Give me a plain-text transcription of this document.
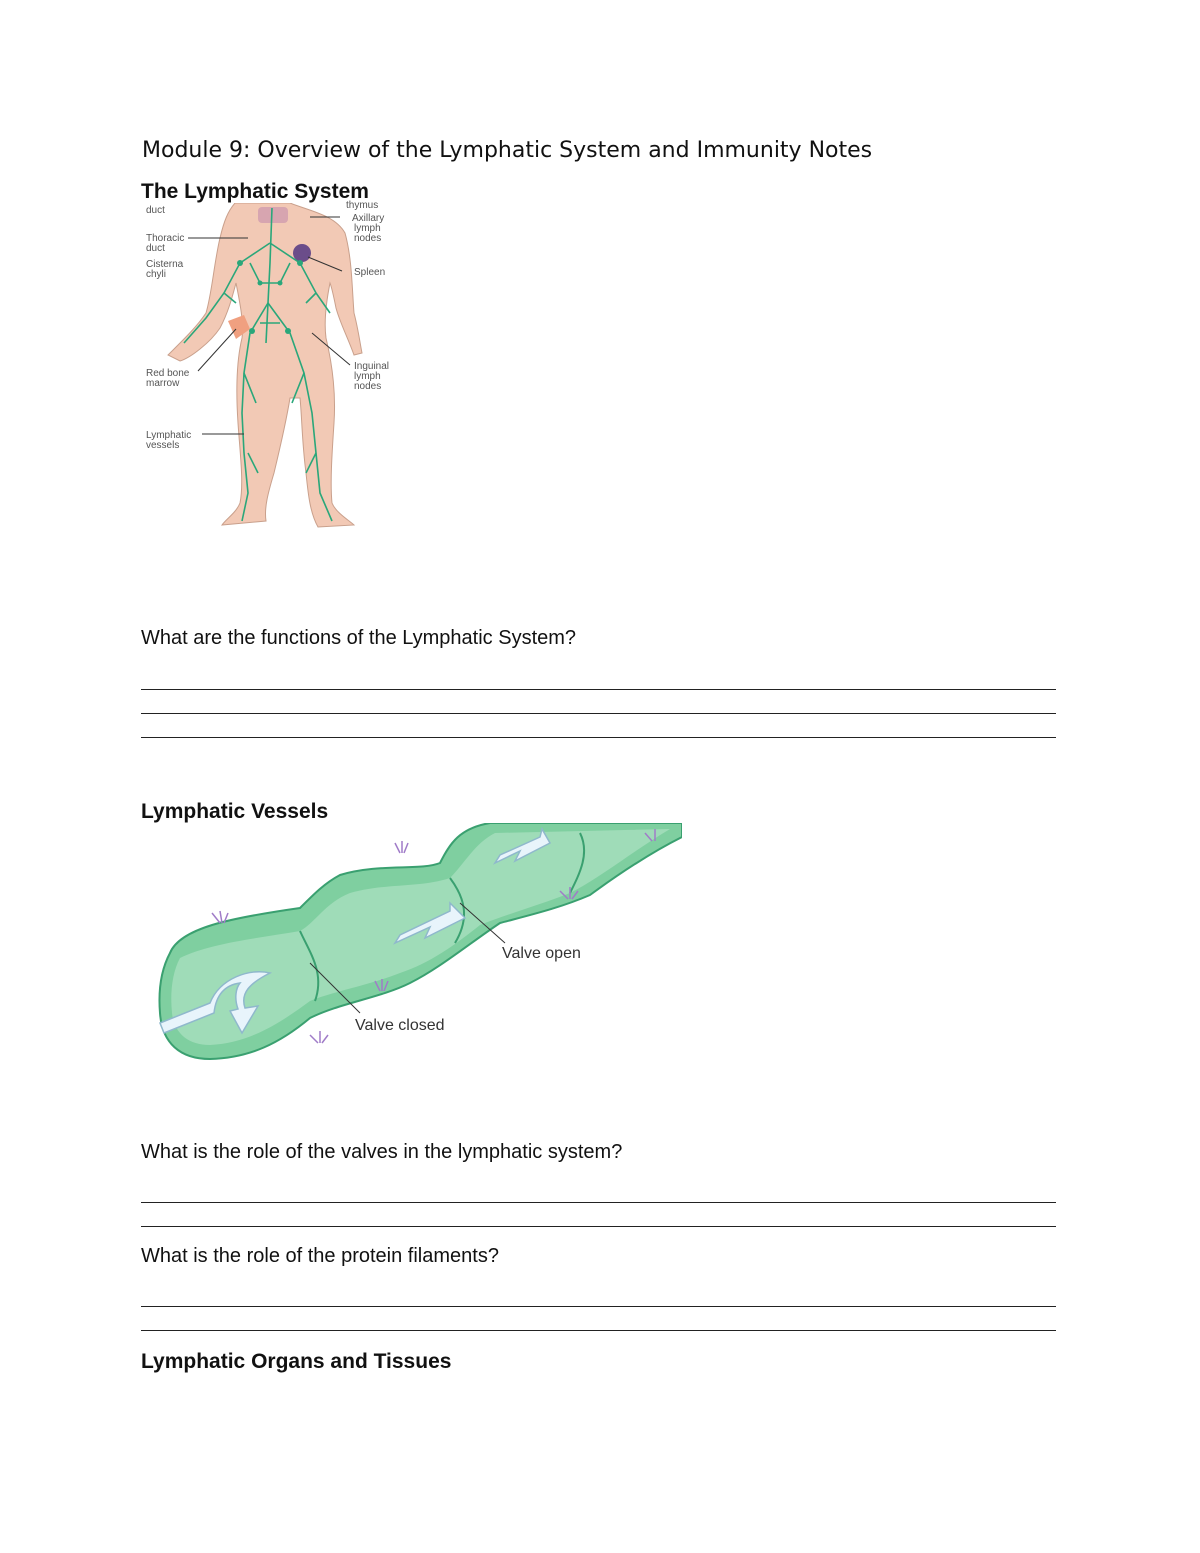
Module 9: Overview of the Lymphatic System and Immunity Notes
The Lymphatic System
duct
Thoracic
duct
Cisterna
chyli
Red bone
marrow
Lymphatic
vessels
thymus
Axillary
lymph
nodes
Spleen
Inguinal
lymph
nodes
What are the functions of the Lymphatic System?
Lymphatic Vessels
Valve open
Valve closed
What is the role of the valves in the lymphatic system?
What is the role of the protein filaments?
Lymphatic Organs and Tissues
